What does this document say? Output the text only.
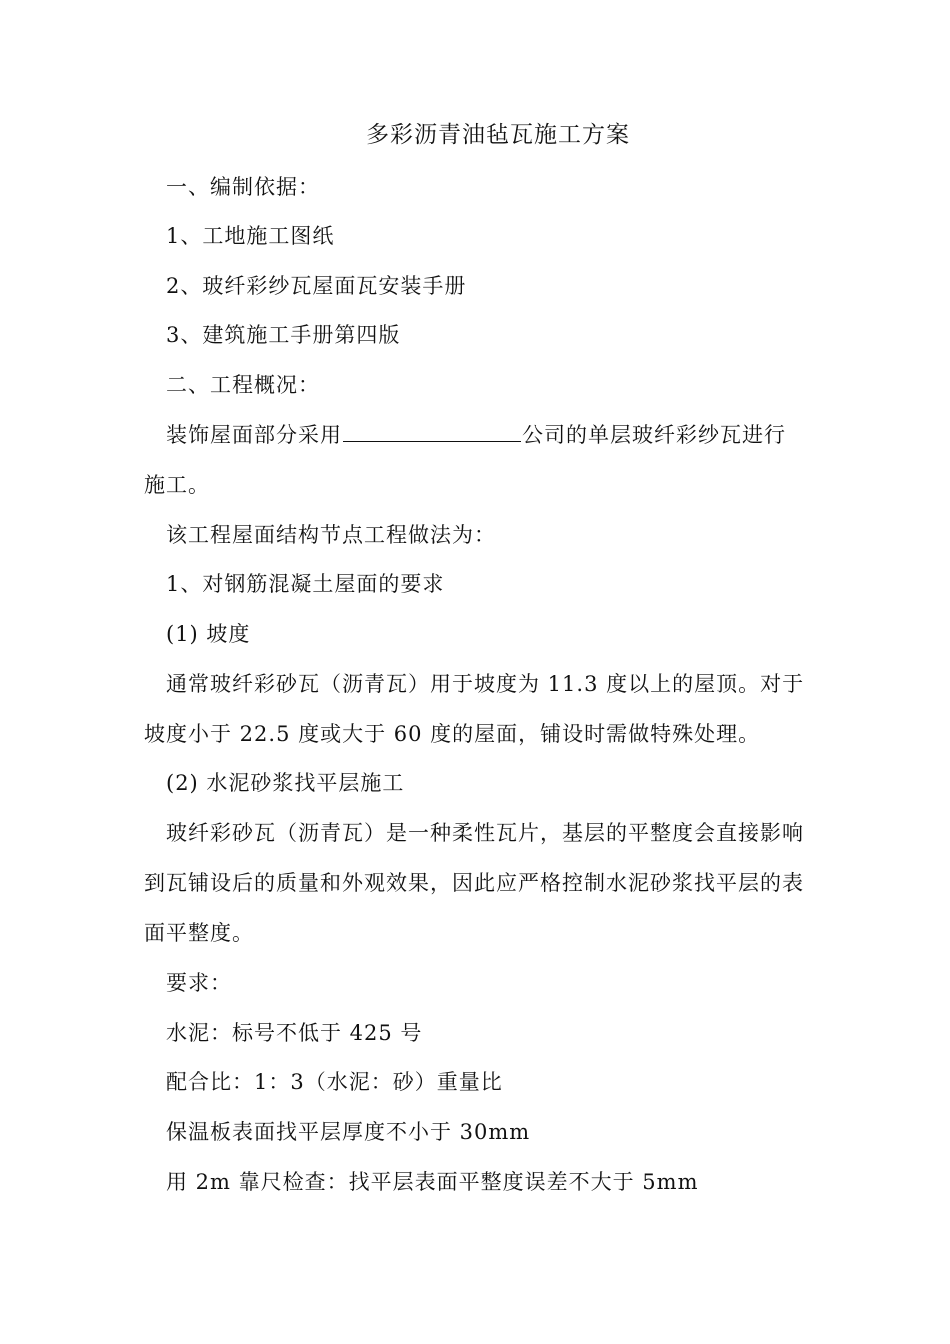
多彩沥青油毡瓦施工方案
一、编制依据：
1、工地施工图纸
2、玻纤彩纱瓦屋面瓦安装手册
3、建筑施工手册第四版
二、工程概况：
装饰屋面部分采用	公司的单层玻纤彩纱瓦进行
施工。
该工程屋面结构节点工程做法为：
1、对钢筋混凝土屋面的要求
(1) 坡度
通常玻纤彩砂瓦（沥青瓦）用于坡度为 11.3 度以上的屋顶。对于
坡度小于 22.5 度或大于 60 度的屋面，铺设时需做特殊处理。
(2) 水泥砂浆找平层施工
玻纤彩砂瓦（沥青瓦）是一种柔性瓦片，基层的平整度会直接影响
到瓦铺设后的质量和外观效果，因此应严格控制水泥砂浆找平层的表
面平整度。
要求：
水泥：标号不低于 425 号
配合比：1：3（水泥：砂）重量比
保温板表面找平层厚度不小于 30mm
用 2m 靠尺检查：找平层表面平整度误差不大于 5mm
